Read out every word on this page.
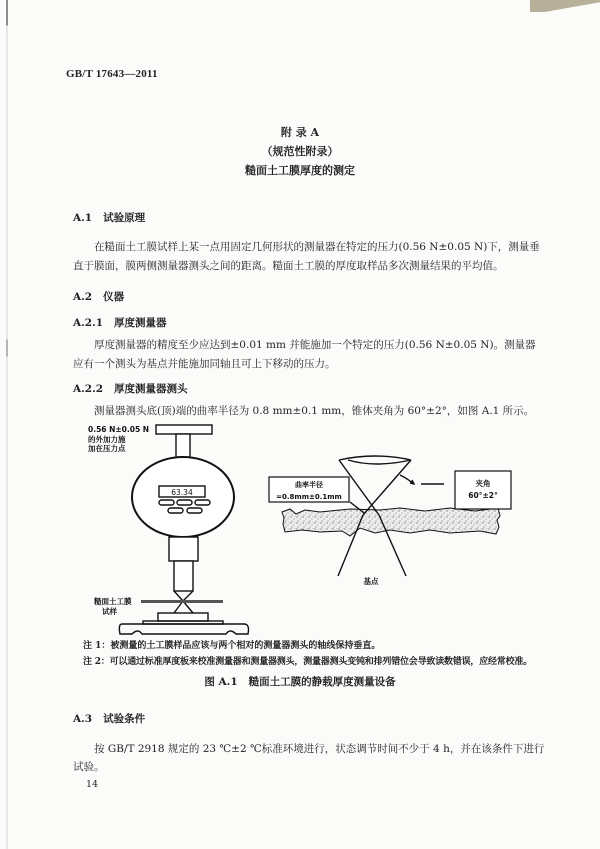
GB/T 17643—2011
附 录 A
（规范性附录）
糙面土工膜厚度的测定
A.1   试验原理
在糙面土工膜试样上某一点用固定几何形状的测量器在特定的压力(0.56 N±0.05 N)下，测量垂
直于膜面，膜两侧测量器测头之间的距离。糙面土工膜的厚度取样品多次测量结果的平均值。
A.2   仪器
A.2.1   厚度测量器
厚度测量器的精度至少应达到±0.01 mm 并能施加一个特定的压力(0.56 N±0.05 N)。测量器
应有一个测头为基点并能施加同轴且可上下移动的压力。
A.2.2   厚度测量器测头
测量器测头底(顶)端的曲率半径为 0.8 mm±0.1 mm，锥体夹角为 60°±2°，如图 A.1 所示。
63.34
0.56 N±0.05 N
的外加力施
加在压力点
糙面土工膜
试样
曲率半径
=0.8mm±0.1mm
夹角
60°±2°
基点
注 1：被测量的土工膜样品应该与两个相对的测量器测头的轴线保持垂直。
注 2：可以通过标准厚度板来校准测量器和测量器测头，测量器测头变钝和排列错位会导致读数错误，应经常校准。
图 A.1   糙面土工膜的静载厚度测量设备
A.3   试验条件
按 GB/T 2918 规定的 23 ℃±2 ℃标准环境进行，状态调节时间不少于 4 h，并在该条件下进行
试验。
14
